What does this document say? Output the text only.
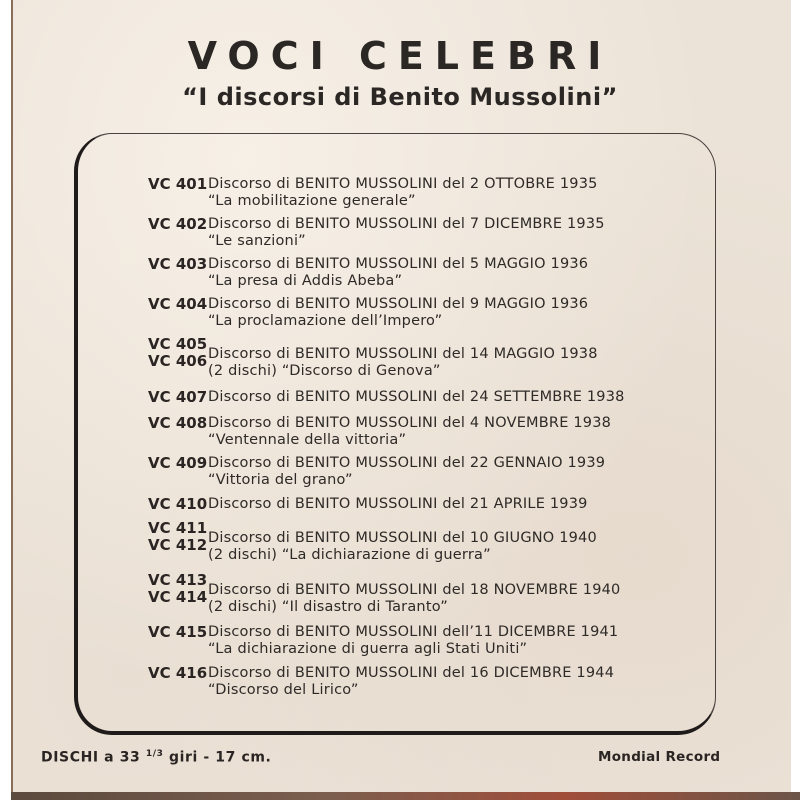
VOCI CELEBRI
“I discorsi di Benito Mussolini”
VC 401 Discorso di BENITO MUSSOLINI del 2 OTTOBRE 1935
“La mobilitazione generale”
VC 402 Discorso di BENITO MUSSOLINI del 7 DICEMBRE 1935
“Le sanzioni”
VC 403 Discorso di BENITO MUSSOLINI del 5 MAGGIO 1936
“La presa di Addis Abeba”
VC 404 Discorso di BENITO MUSSOLINI del 9 MAGGIO 1936
“La proclamazione dell’Impero”
VC 405
VC 406 Discorso di BENITO MUSSOLINI del 14 MAGGIO 1938
(2 dischi) “Discorso di Genova”
VC 407 Discorso di BENITO MUSSOLINI del 24 SETTEMBRE 1938
VC 408 Discorso di BENITO MUSSOLINI del 4 NOVEMBRE 1938
“Ventennale della vittoria”
VC 409 Discorso di BENITO MUSSOLINI del 22 GENNAIO 1939
“Vittoria del grano”
VC 410 Discorso di BENITO MUSSOLINI del 21 APRILE 1939
VC 411
VC 412 Discorso di BENITO MUSSOLINI del 10 GIUGNO 1940
(2 dischi) “La dichiarazione di guerra”
VC 413
VC 414 Discorso di BENITO MUSSOLINI del 18 NOVEMBRE 1940
(2 dischi) “Il disastro di Taranto”
VC 415 Discorso di BENITO MUSSOLINI dell’11 DICEMBRE 1941
“La dichiarazione di guerra agli Stati Uniti”
VC 416 Discorso di BENITO MUSSOLINI del 16 DICEMBRE 1944
“Discorso del Lirico”
DISCHI a 33 $^{1/3}$ giri - 17 cm.	Mondial Record
